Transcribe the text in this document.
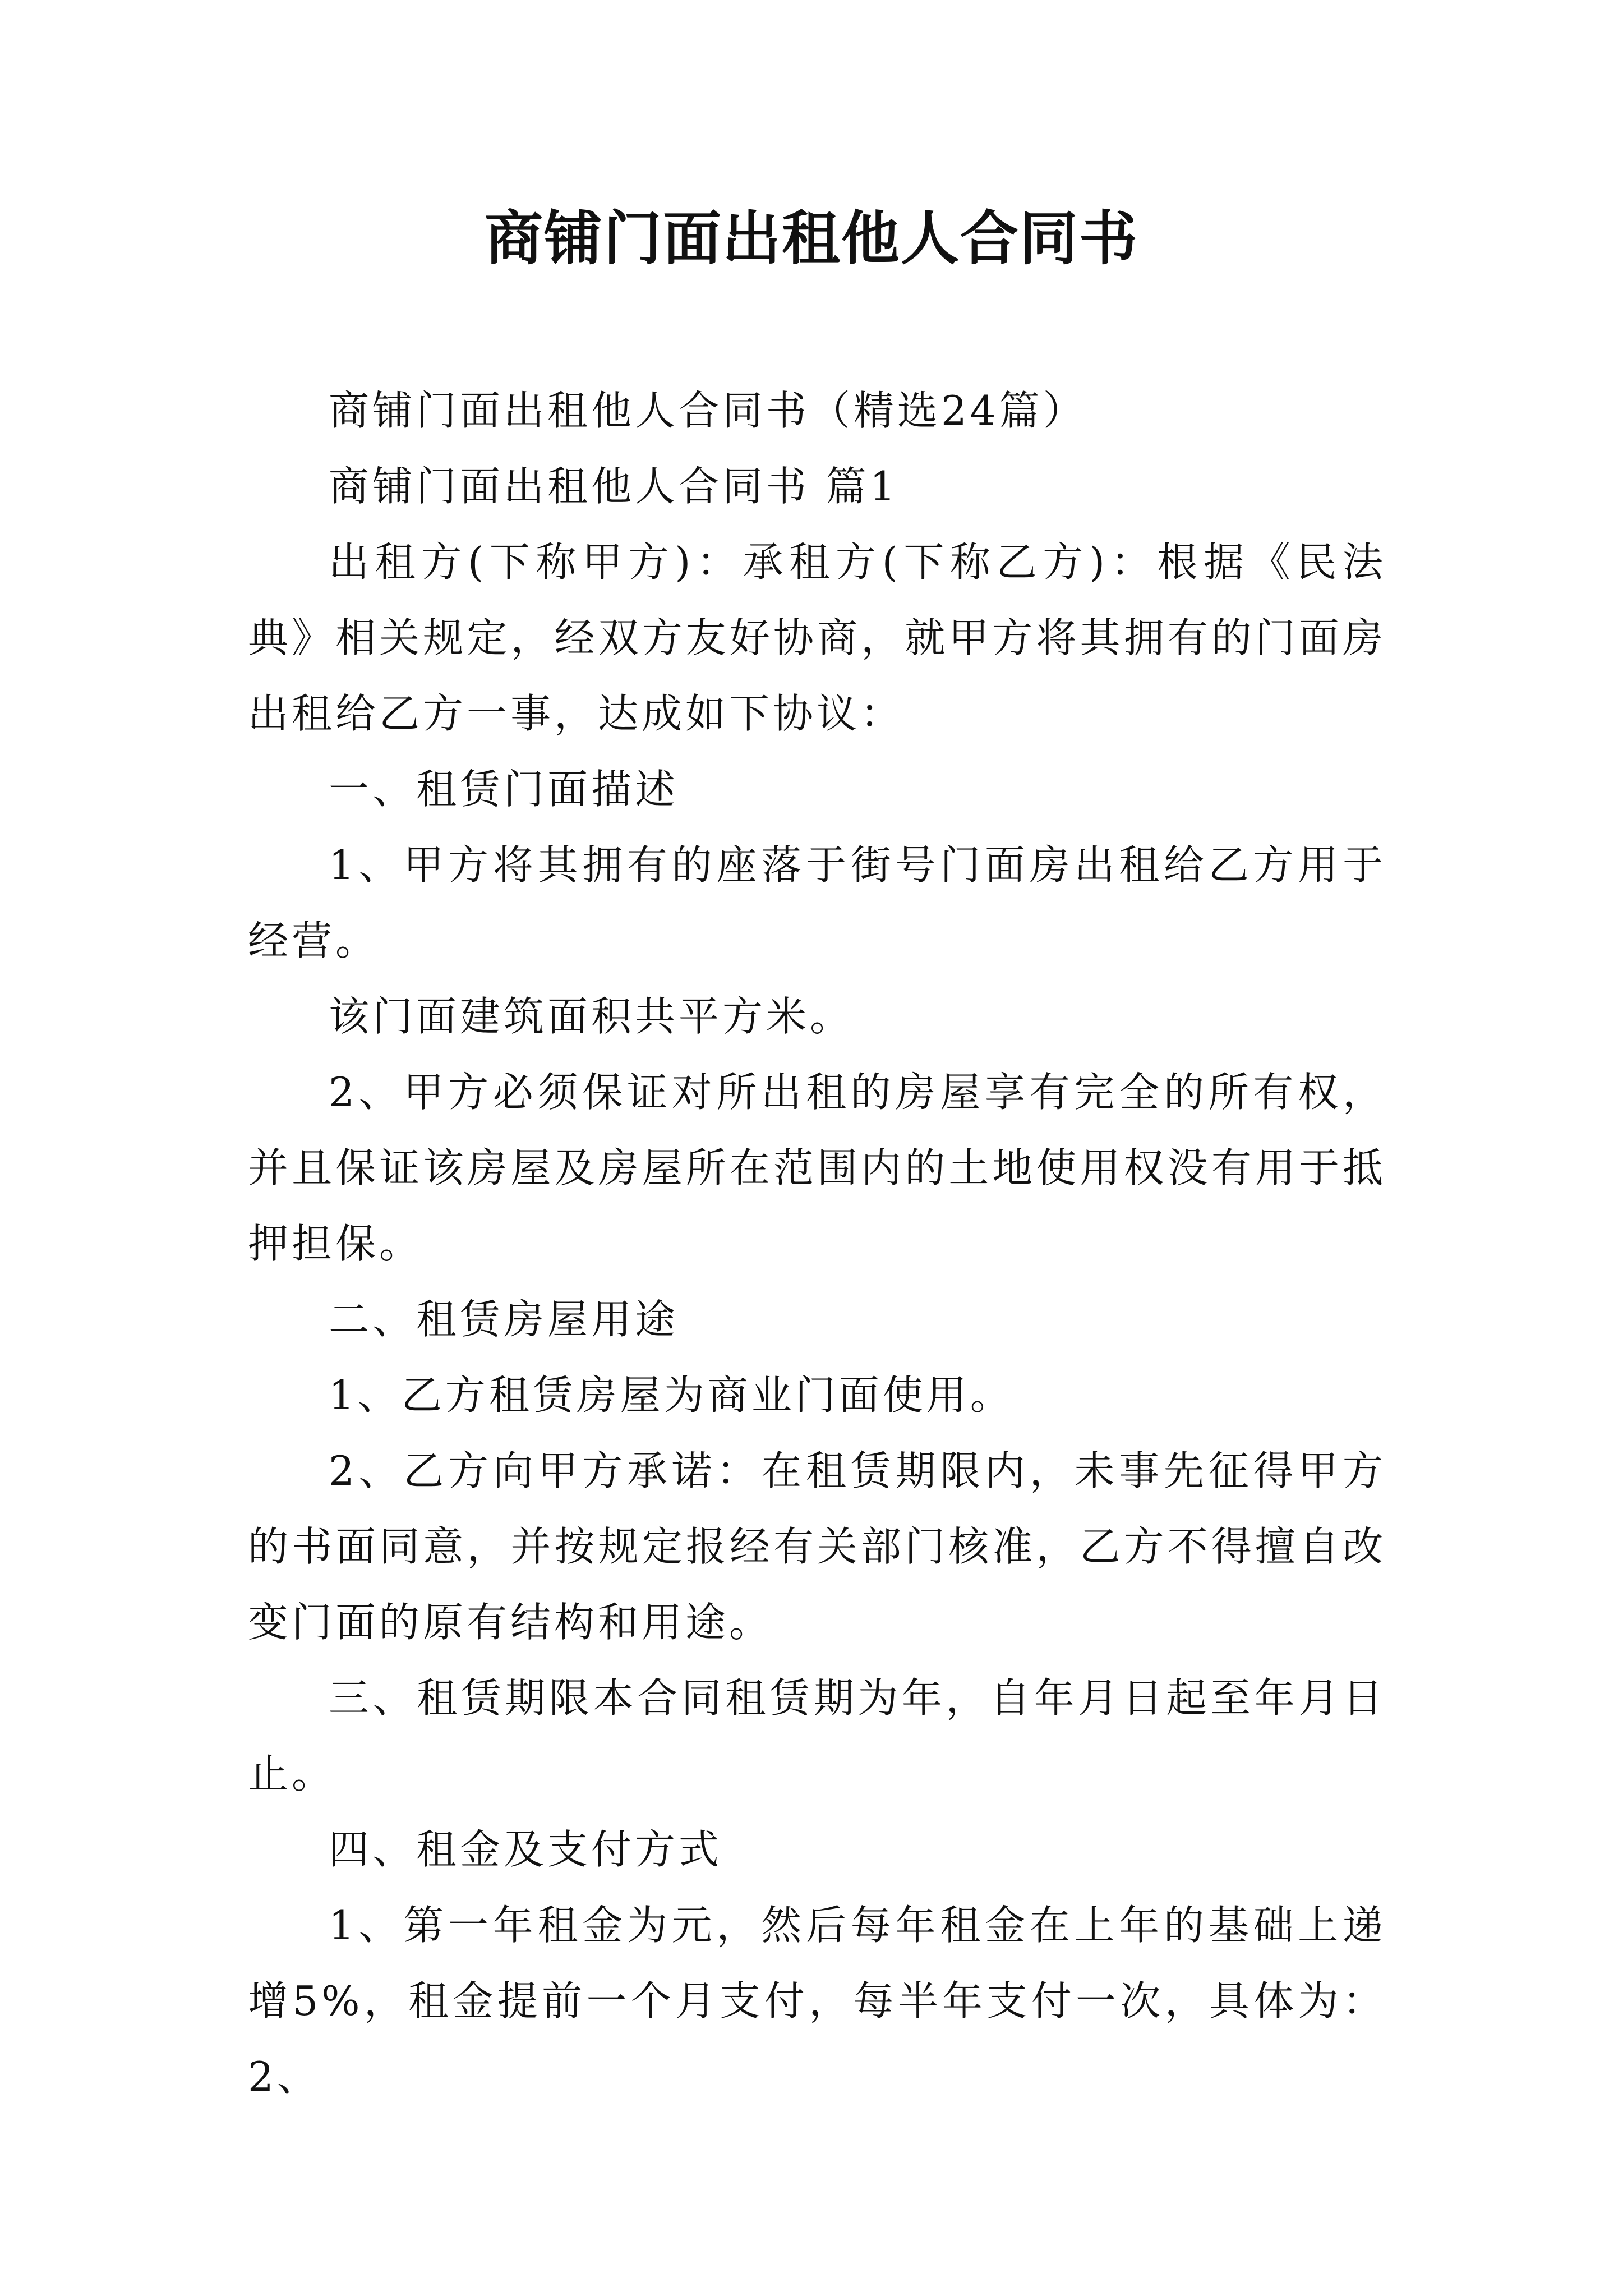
商铺门面出租他人合同书

商铺门面出租他人合同书（精选24篇）

商铺门面出租他人合同书 篇1

出租方(下称甲方)：承租方(下称乙方)：根据《民法典》相关规定，经双方友好协商，就甲方将其拥有的门面房出租给乙方一事，达成如下协议：

一、租赁门面描述

1、甲方将其拥有的座落于街号门面房出租给乙方用于经营。

该门面建筑面积共平方米。

2、甲方必须保证对所出租的房屋享有完全的所有权，并且保证该房屋及房屋所在范围内的土地使用权没有用于抵押担保。

二、租赁房屋用途

1、乙方租赁房屋为商业门面使用。

2、乙方向甲方承诺：在租赁期限内，未事先征得甲方的书面同意，并按规定报经有关部门核准，乙方不得擅自改变门面的原有结构和用途。

三、租赁期限本合同租赁期为年，自年月日起至年月日止。

四、租金及支付方式

1、第一年租金为元，然后每年租金在上年的基础上递增5%，租金提前一个月支付，每半年支付一次，具体为：2、
